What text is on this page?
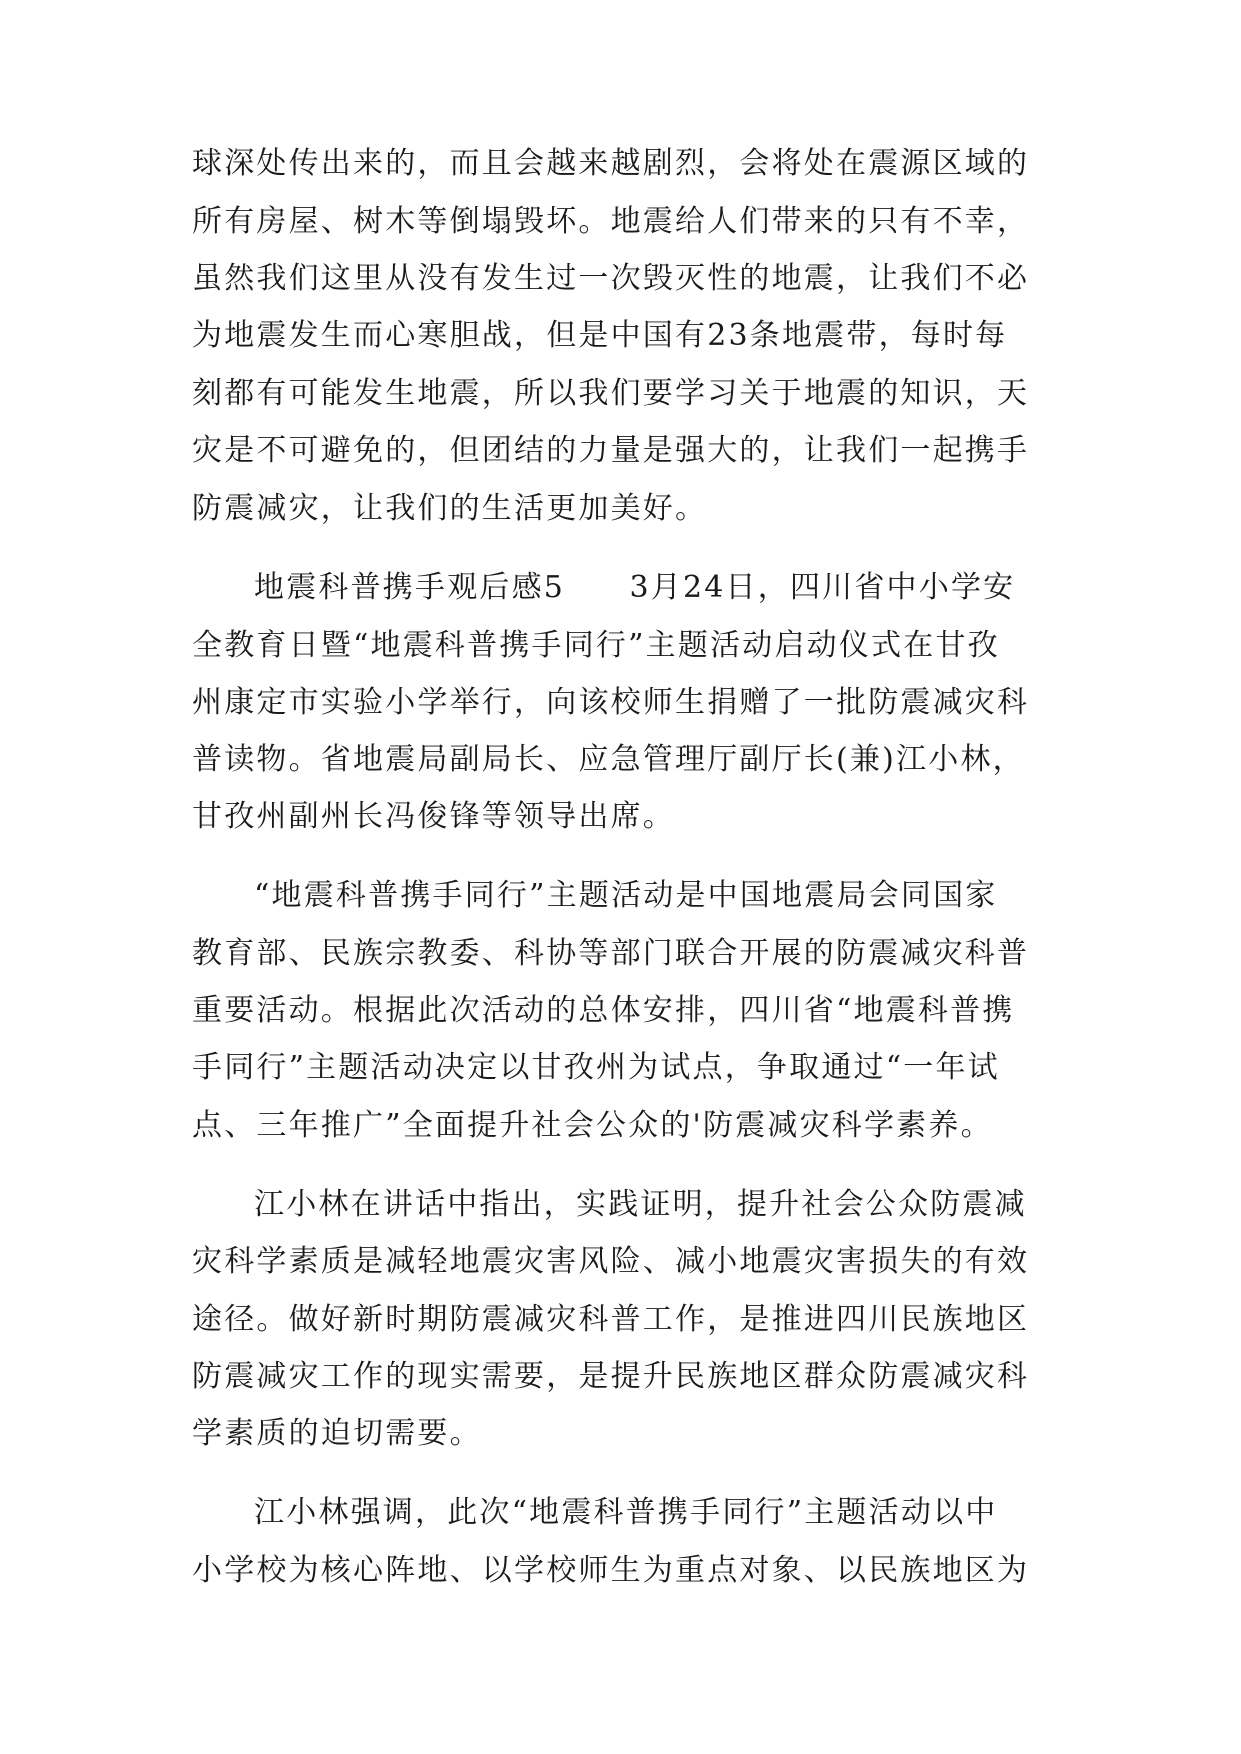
球深处传出来的，而且会越来越剧烈，会将处在震源区域的

所有房屋、树木等倒塌毁坏。地震给人们带来的只有不幸，

虽然我们这里从没有发生过一次毁灭性的地震，让我们不必

为地震发生而心寒胆战，但是中国有23条地震带，每时每

刻都有可能发生地震，所以我们要学习关于地震的知识，天

灾是不可避免的，但团结的力量是强大的，让我们一起携手

防震减灾，让我们的生活更加美好。

地震科普携手观后感5　　3月24日，四川省中小学安

全教育日暨“地震科普携手同行”主题活动启动仪式在甘孜

州康定市实验小学举行，向该校师生捐赠了一批防震减灾科

普读物。省地震局副局长、应急管理厅副厅长(兼)江小林，

甘孜州副州长冯俊锋等领导出席。

“地震科普携手同行”主题活动是中国地震局会同国家

教育部、民族宗教委、科协等部门联合开展的防震减灾科普

重要活动。根据此次活动的总体安排，四川省“地震科普携

手同行”主题活动决定以甘孜州为试点，争取通过“一年试

点、三年推广”全面提升社会公众的'防震减灾科学素养。

江小林在讲话中指出，实践证明，提升社会公众防震减

灾科学素质是减轻地震灾害风险、减小地震灾害损失的有效

途径。做好新时期防震减灾科普工作，是推进四川民族地区

防震减灾工作的现实需要，是提升民族地区群众防震减灾科

学素质的迫切需要。

江小林强调，此次“地震科普携手同行”主题活动以中

小学校为核心阵地、以学校师生为重点对象、以民族地区为
